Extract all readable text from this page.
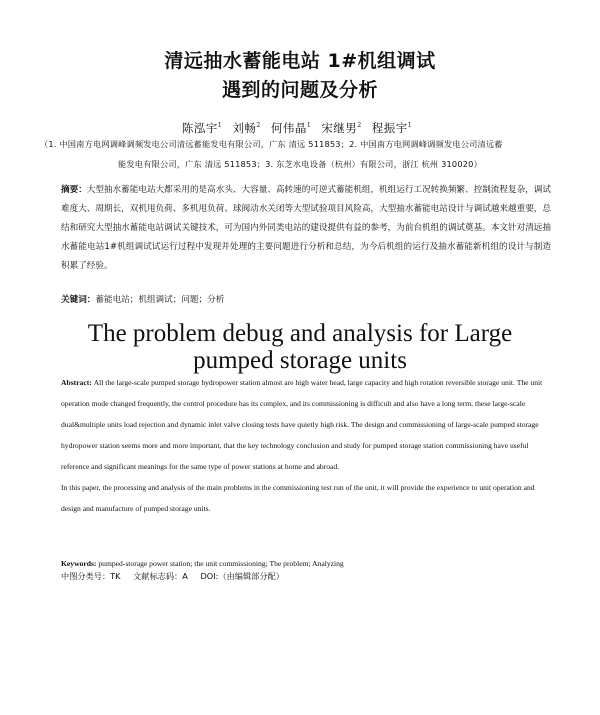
清远抽水蓄能电站 1#机组调试
遇到的问题及分析
陈泓宇$^1$ 刘畅$^2$ 何伟晶$^1$ 宋继男$^2$ 程振宇$^1$
（1. 中国南方电网调峰调频发电公司清远蓄能发电有限公司，广东 清远 511853；2. 中国南方电网调峰调频发电公司清远蓄
能发电有限公司，广东 清远 511853；3. 东芝水电设备（杭州）有限公司，浙江 杭州 310020）
摘要：大型抽水蓄能电站大都采用的是高水头、大容量、高转速的可逆式蓄能机组，机组运行工况转换频繁、控制流程复杂，调试难度大、周期长，双机甩负荷、多机甩负荷、球阀动水关闭等大型试验项目风险高，大型抽水蓄能电站设计与调试越来越重要，总结和研究大型抽水蓄能电站调试关键技术，可为国内外同类电站的建设提供有益的参考，为前台机组的调试奠基。本文针对清远抽水蓄能电站1#机组调试试运行过程中发现并处理的主要问题进行分析和总结，为今后机组的运行及抽水蓄能新机组的设计与制造积累了经验。
关键词：蓄能电站；机组调试；问题；分析
The problem debug and analysis for Large
pumped storage units

Abstract: All the large-scale pumped storage hydropower station almost are high water head, large capacity and high rotation reversible storage unit. The unit operation mode changed frequently, the control procedure has its complex, and its commissioning is difficult and also have a long term, these large-scale dual&multiple units load rejection and dynamic inlet valve closing tests have quietly high risk. The design and commissioning of large-scale pumped storage hydropower station seems more and more important, that the key technology conclusion and study for pumped storage station commissioning have useful reference and significant meanings for the same type of power stations at home and abroad.

In this paper, the processing and analysis of the main problems in the commissioning test run of the unit, it will provide the experience to unit operation and design and manufacture of pumped storage units.

Keywords: pumped-storage power station; the unit commissioning; The problem; Analyzing
中图分类号：TK 文献标志码：A DOI:（由编辑部分配）
